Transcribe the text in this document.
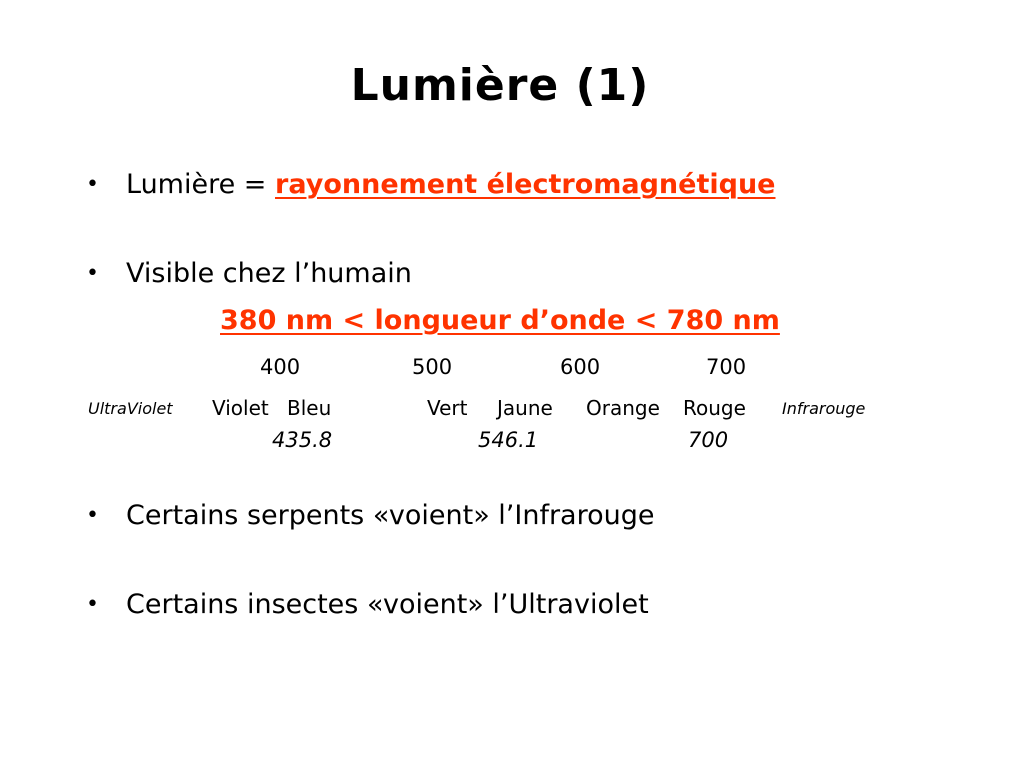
Lumière (1)
• Lumière = rayonnement électromagnétique
• Visible chez l’humain
380 nm < longueur d’onde < 780 nm
400	500	600	700
UltraViolet Violet Bleu	Vert Jaune Orange Rouge Infrarouge
435.8	546.1	700
• Certains serpents «voient» l’Infrarouge
• Certains insectes «voient» l’Ultraviolet
